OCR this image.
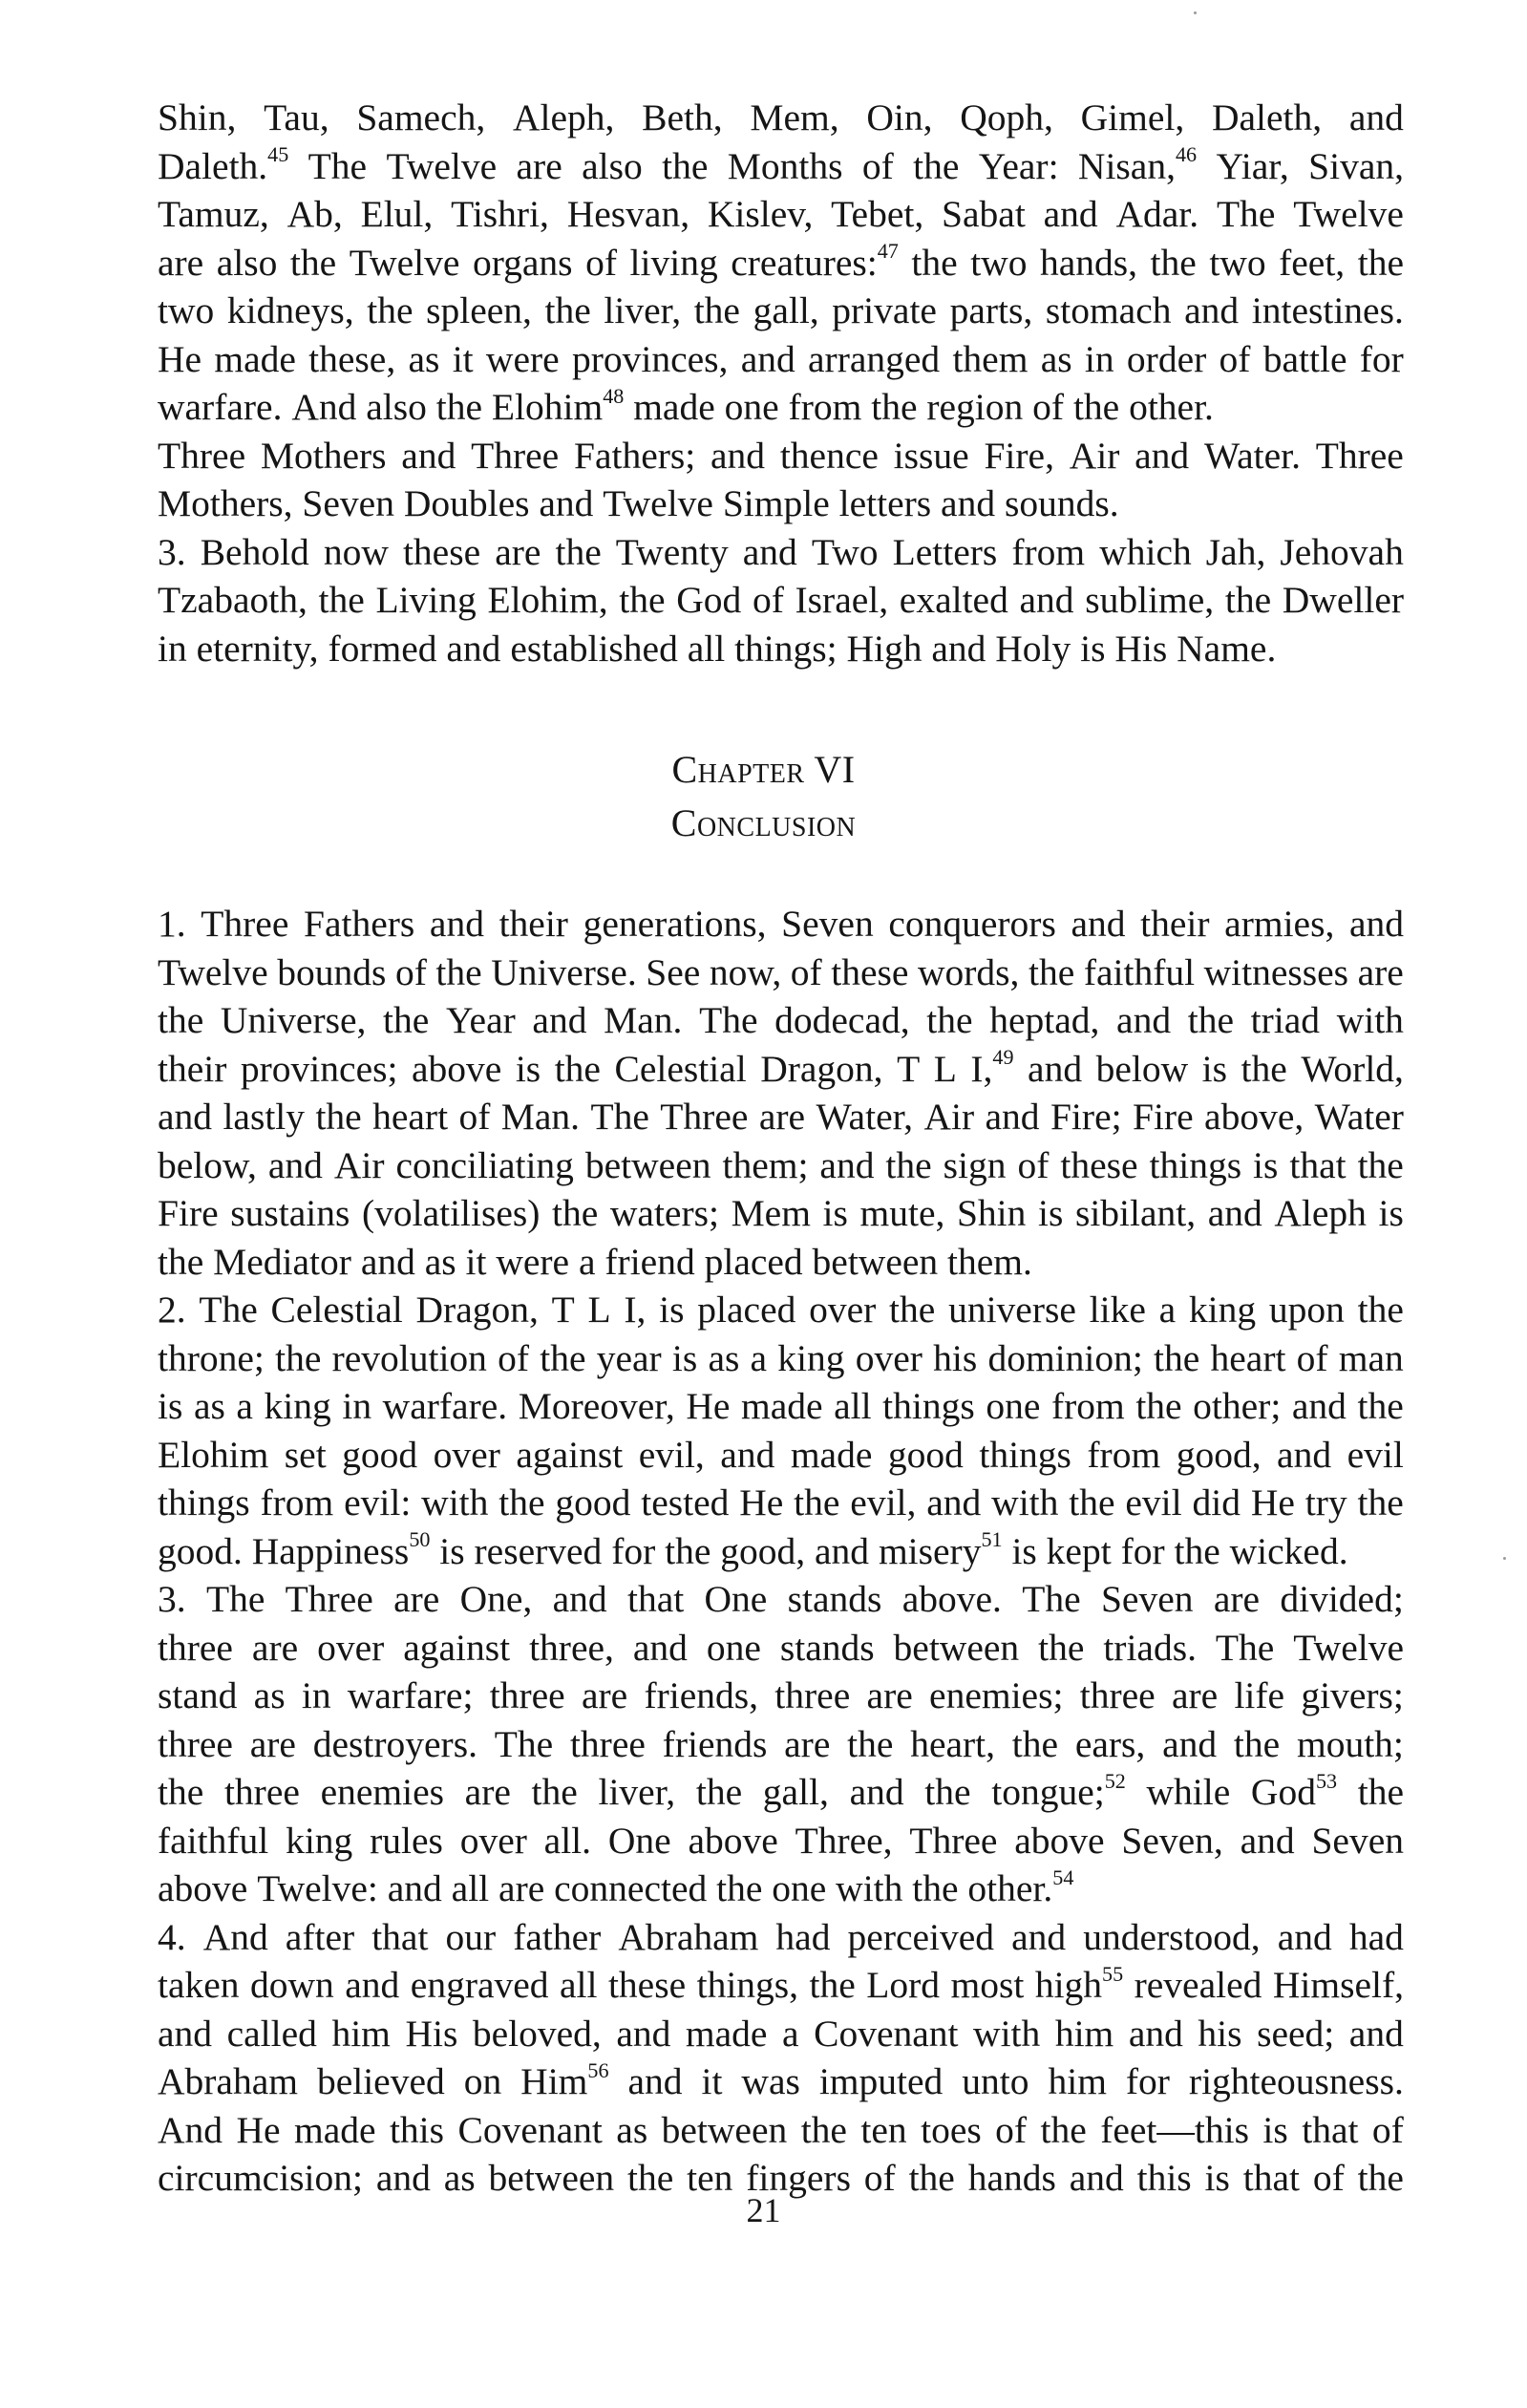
Shin, Tau, Samech, Aleph, Beth, Mem, Oin, Qoph, Gimel, Daleth, and
Daleth.$^{45}$ The Twelve are also the Months of the Year: Nisan,$^{46}$ Yiar, Sivan,
Tamuz, Ab, Elul, Tishri, Hesvan, Kislev, Tebet, Sabat and Adar. The Twelve
are also the Twelve organs of living creatures:$^{47}$ the two hands, the two feet, the
two kidneys, the spleen, the liver, the gall, private parts, stomach and intestines.
He made these, as it were provinces, and arranged them as in order of battle for
warfare. And also the Elohim$^{48}$ made one from the region of the other.
Three Mothers and Three Fathers; and thence issue Fire, Air and Water. Three
Mothers, Seven Doubles and Twelve Simple letters and sounds.
3. Behold now these are the Twenty and Two Letters from which Jah, Jehovah
Tzabaoth, the Living Elohim, the God of Israel, exalted and sublime, the Dweller
in eternity, formed and established all things; High and Holy is His Name.
Chapter VI
Conclusion
1. Three Fathers and their generations, Seven conquerors and their armies, and
Twelve bounds of the Universe. See now, of these words, the faithful witnesses are
the Universe, the Year and Man. The dodecad, the heptad, and the triad with
their provinces; above is the Celestial Dragon, T L I,$^{49}$ and below is the World,
and lastly the heart of Man. The Three are Water, Air and Fire; Fire above, Water
below, and Air conciliating between them; and the sign of these things is that the
Fire sustains (volatilises) the waters; Mem is mute, Shin is sibilant, and Aleph is
the Mediator and as it were a friend placed between them.
2. The Celestial Dragon, T L I, is placed over the universe like a king upon the
throne; the revolution of the year is as a king over his dominion; the heart of man
is as a king in warfare. Moreover, He made all things one from the other; and the
Elohim set good over against evil, and made good things from good, and evil
things from evil: with the good tested He the evil, and with the evil did He try the
good. Happiness$^{50}$ is reserved for the good, and misery$^{51}$ is kept for the wicked.
3. The Three are One, and that One stands above. The Seven are divided;
three are over against three, and one stands between the triads. The Twelve
stand as in warfare; three are friends, three are enemies; three are life givers;
three are destroyers. The three friends are the heart, the ears, and the mouth;
the three enemies are the liver, the gall, and the tongue;$^{52}$ while God$^{53}$ the
faithful king rules over all. One above Three, Three above Seven, and Seven
above Twelve: and all are connected the one with the other.$^{54}$
4. And after that our father Abraham had perceived and understood, and had
taken down and engraved all these things, the Lord most high$^{55}$ revealed Himself,
and called him His beloved, and made a Covenant with him and his seed; and
Abraham believed on Him$^{56}$ and it was imputed unto him for righteousness.
And He made this Covenant as between the ten toes of the feet—this is that of
circumcision; and as between the ten fingers of the hands and this is that of the
21
